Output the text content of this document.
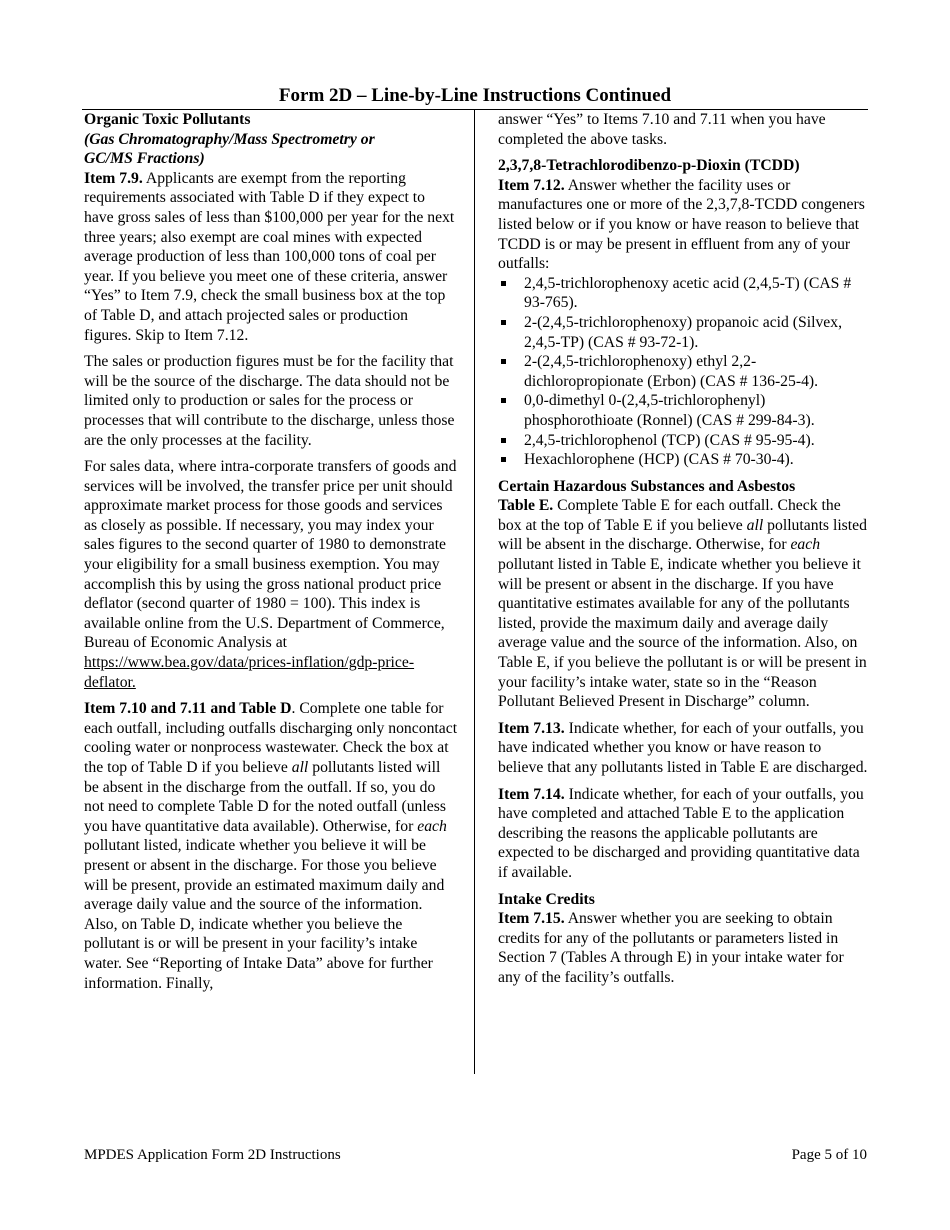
Form 2D – Line-by-Line Instructions Continued
Organic Toxic Pollutants
(Gas Chromatography/Mass Spectrometry or
GC/MS Fractions)

Item 7.9. Applicants are exempt from the reporting requirements associated with Table D if they expect to have gross sales of less than $100,000 per year for the next three years; also exempt are coal mines with expected average production of less than 100,000 tons of coal per year. If you believe you meet one of these criteria, answer “Yes” to Item 7.9, check the small business box at the top of Table D, and attach projected sales or production figures. Skip to Item 7.12.

The sales or production figures must be for the facility that will be the source of the discharge. The data should not be limited only to production or sales for the process or processes that will contribute to the discharge, unless those are the only processes at the facility.

For sales data, where intra-corporate transfers of goods and services will be involved, the transfer price per unit should approximate market process for those goods and services as closely as possible. If necessary, you may index your sales figures to the second quarter of 1980 to demonstrate your eligibility for a small business exemption. You may accomplish this by using the gross national product price deflator (second quarter of 1980 = 100). This index is available online from the U.S. Department of Commerce, Bureau of Economic Analysis at https://www.bea.gov/data/prices-inflation/gdp-price-deflator.

Item 7.10 and 7.11 and Table D. Complete one table for each outfall, including outfalls discharging only noncontact cooling water or nonprocess wastewater. Check the box at the top of Table D if you believe all pollutants listed will be absent in the discharge from the outfall. If so, you do not need to complete Table D for the noted outfall (unless you have quantitative data available). Otherwise, for each pollutant listed, indicate whether you believe it will be present or absent in the discharge. For those you believe will be present, provide an estimated maximum daily and average daily value and the source of the information. Also, on Table D, indicate whether you believe the pollutant is or will be present in your facility’s intake water. See “Reporting of Intake Data” above for further information. Finally,

answer “Yes” to Items 7.10 and 7.11 when you have completed the above tasks.

2,3,7,8-Tetrachlorodibenzo-p-Dioxin (TCDD)

Item 7.12. Answer whether the facility uses or manufactures one or more of the 2,3,7,8-TCDD congeners listed below or if you know or have reason to believe that TCDD is or may be present in effluent from any of your outfalls:

2,4,5-trichlorophenoxy acetic acid (2,4,5-T) (CAS # 93-765).
2-(2,4,5-trichlorophenoxy) propanoic acid (Silvex, 2,4,5-TP) (CAS # 93-72-1).
2-(2,4,5-trichlorophenoxy) ethyl 2,2-dichloropropionate (Erbon) (CAS # 136-25-4).
0,0-dimethyl 0-(2,4,5-trichlorophenyl) phosphorothioate (Ronnel) (CAS # 299-84-3).
2,4,5-trichlorophenol (TCP) (CAS # 95-95-4).
Hexachlorophene (HCP) (CAS # 70-30-4).
Certain Hazardous Substances and Asbestos

Table E. Complete Table E for each outfall. Check the box at the top of Table E if you believe all pollutants listed will be absent in the discharge. Otherwise, for each pollutant listed in Table E, indicate whether you believe it will be present or absent in the discharge. If you have quantitative estimates available for any of the pollutants listed, provide the maximum daily and average daily average value and the source of the information. Also, on Table E, if you believe the pollutant is or will be present in your facility’s intake water, state so in the “Reason Pollutant Believed Present in Discharge” column.

Item 7.13. Indicate whether, for each of your outfalls, you have indicated whether you know or have reason to believe that any pollutants listed in Table E are discharged.

Item 7.14. Indicate whether, for each of your outfalls, you have completed and attached Table E to the application describing the reasons the applicable pollutants are expected to be discharged and providing quantitative data if available.

Intake Credits

Item 7.15. Answer whether you are seeking to obtain credits for any of the pollutants or parameters listed in Section 7 (Tables A through E) in your intake water for any of the facility’s outfalls.

MPDES Application Form 2D Instructions	Page 5 of 10
